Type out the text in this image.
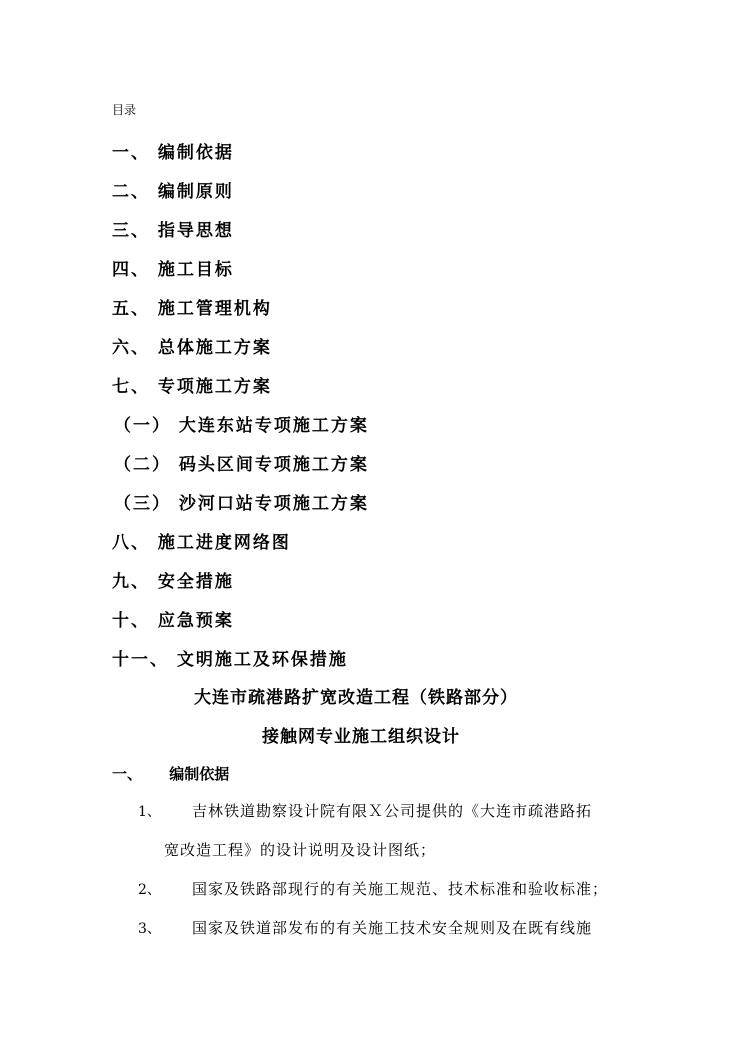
目录
一、 编制依据
二、 编制原则
三、 指导思想
四、 施工目标
五、 施工管理机构
六、 总体施工方案
七、 专项施工方案
（一） 大连东站专项施工方案
（二） 码头区间专项施工方案
（三） 沙河口站专项施工方案
八、 施工进度网络图
九、 安全措施
十、 应急预案
十一、 文明施工及环保措施
大连市疏港路扩宽改造工程（铁路部分）
接触网专业施工组织设计
一、 编制依据
1、 吉林铁道勘察设计院有限Ｘ公司提供的《大连市疏港路拓
宽改造工程》的设计说明及设计图纸；
2、 国家及铁路部现行的有关施工规范、技术标准和验收标准；
3、 国家及铁道部发布的有关施工技术安全规则及在既有线施
